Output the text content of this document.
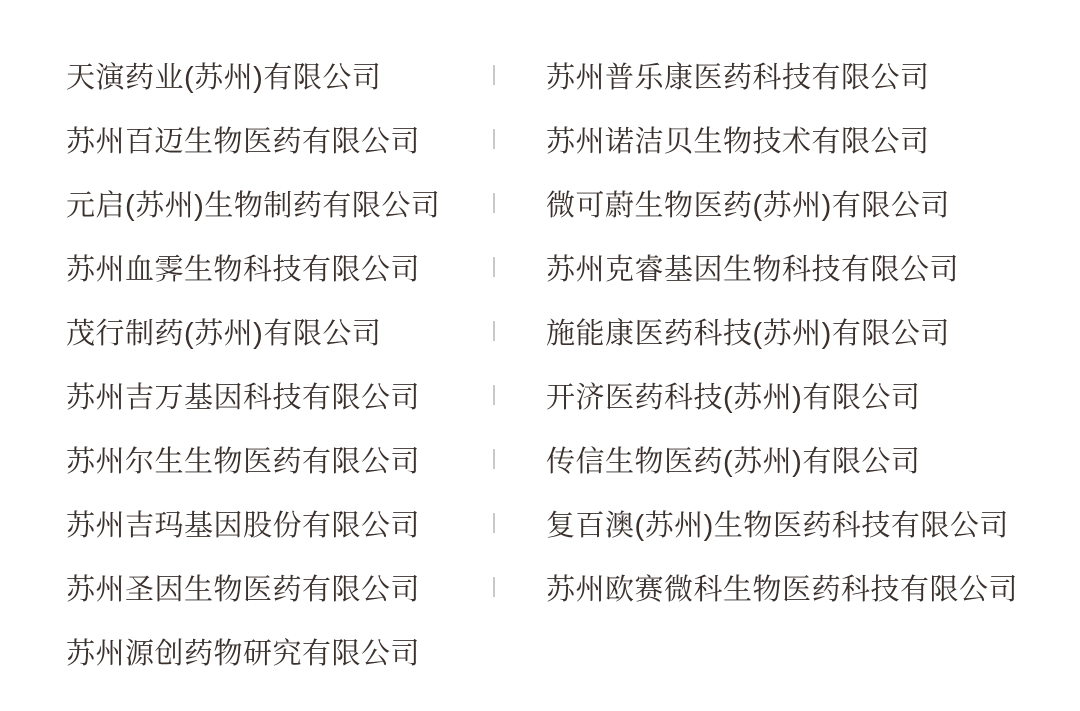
天演药业(苏州)有限公司	苏州普乐康医药科技有限公司
苏州百迈生物医药有限公司	苏州诺洁贝生物技术有限公司
元启(苏州)生物制药有限公司	微可蔚生物医药(苏州)有限公司
苏州血霁生物科技有限公司	苏州克睿基因生物科技有限公司
茂行制药(苏州)有限公司	施能康医药科技(苏州)有限公司
苏州吉万基因科技有限公司	开济医药科技(苏州)有限公司
苏州尔生生物医药有限公司	传信生物医药(苏州)有限公司
苏州吉玛基因股份有限公司	复百澳(苏州)生物医药科技有限公司
苏州圣因生物医药有限公司	苏州欧赛微科生物医药科技有限公司
苏州源创药物研究有限公司
